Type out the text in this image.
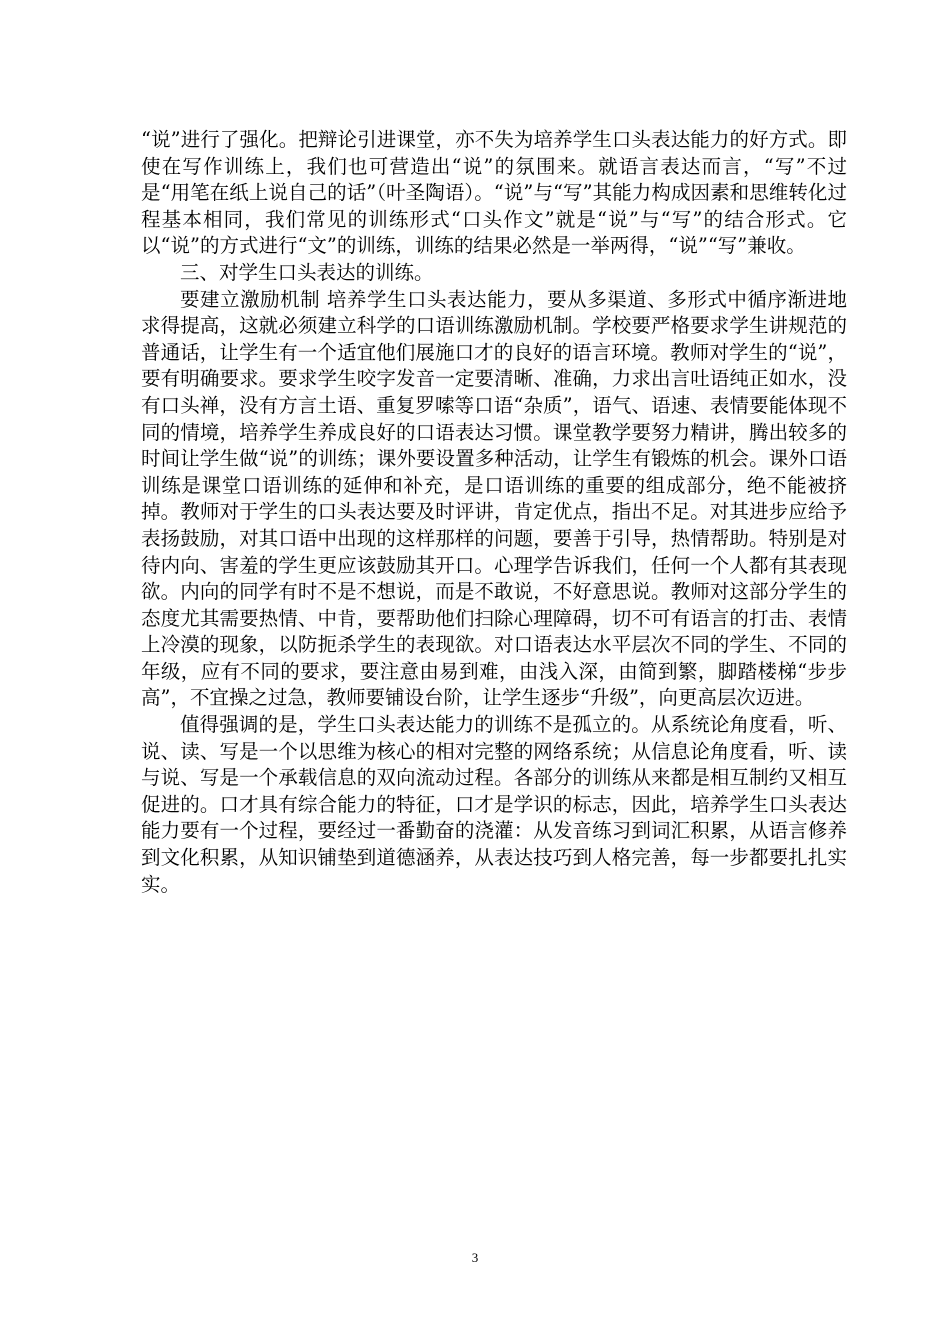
“说”进行了强化。把辩论引进课堂，亦不失为培养学生口头表达能力的好方式。即使在写作训练上，我们也可营造出“说”的氛围来。就语言表达而言，“写”不过是“用笔在纸上说自己的话”（叶圣陶语）。“说”与“写”其能力构成因素和思维转化过程基本相同，我们常见的训练形式“口头作文”就是“说”与“写”的结合形式。它以“说”的方式进行“文”的训练，训练的结果必然是一举两得，“说”“写”兼收。

三、对学生口头表达的训练。

要建立激励机制 培养学生口头表达能力，要从多渠道、多形式中循序渐进地求得提高，这就必须建立科学的口语训练激励机制。学校要严格要求学生讲规范的普通话，让学生有一个适宜他们展施口才的良好的语言环境。教师对学生的“说”，要有明确要求。要求学生咬字发音一定要清晰、准确，力求出言吐语纯正如水，没有口头禅，没有方言土语、重复罗嗦等口语“杂质”，语气、语速、表情要能体现不同的情境，培养学生养成良好的口语表达习惯。课堂教学要努力精讲，腾出较多的时间让学生做“说”的训练；课外要设置多种活动，让学生有锻炼的机会。课外口语训练是课堂口语训练的延伸和补充，是口语训练的重要的组成部分，绝不能被挤掉。教师对于学生的口头表达要及时评讲，肯定优点，指出不足。对其进步应给予表扬鼓励，对其口语中出现的这样那样的问题，要善于引导，热情帮助。特别是对待内向、害羞的学生更应该鼓励其开口。心理学告诉我们，任何一个人都有其表现欲。内向的同学有时不是不想说，而是不敢说，不好意思说。教师对这部分学生的态度尤其需要热情、中肯，要帮助他们扫除心理障碍，切不可有语言的打击、表情上冷漠的现象，以防扼杀学生的表现欲。对口语表达水平层次不同的学生、不同的年级，应有不同的要求，要注意由易到难，由浅入深，由简到繁，脚踏楼梯“步步高”，不宜操之过急，教师要铺设台阶，让学生逐步“升级”，向更高层次迈进。

值得强调的是，学生口头表达能力的训练不是孤立的。从系统论角度看，听、说、读、写是一个以思维为核心的相对完整的网络系统；从信息论角度看，听、读与说、写是一个承载信息的双向流动过程。各部分的训练从来都是相互制约又相互促进的。口才具有综合能力的特征，口才是学识的标志，因此，培养学生口头表达能力要有一个过程，要经过一番勤奋的浇灌：从发音练习到词汇积累，从语言修养到文化积累，从知识铺垫到道德涵养，从表达技巧到人格完善，每一步都要扎扎实实。

3
